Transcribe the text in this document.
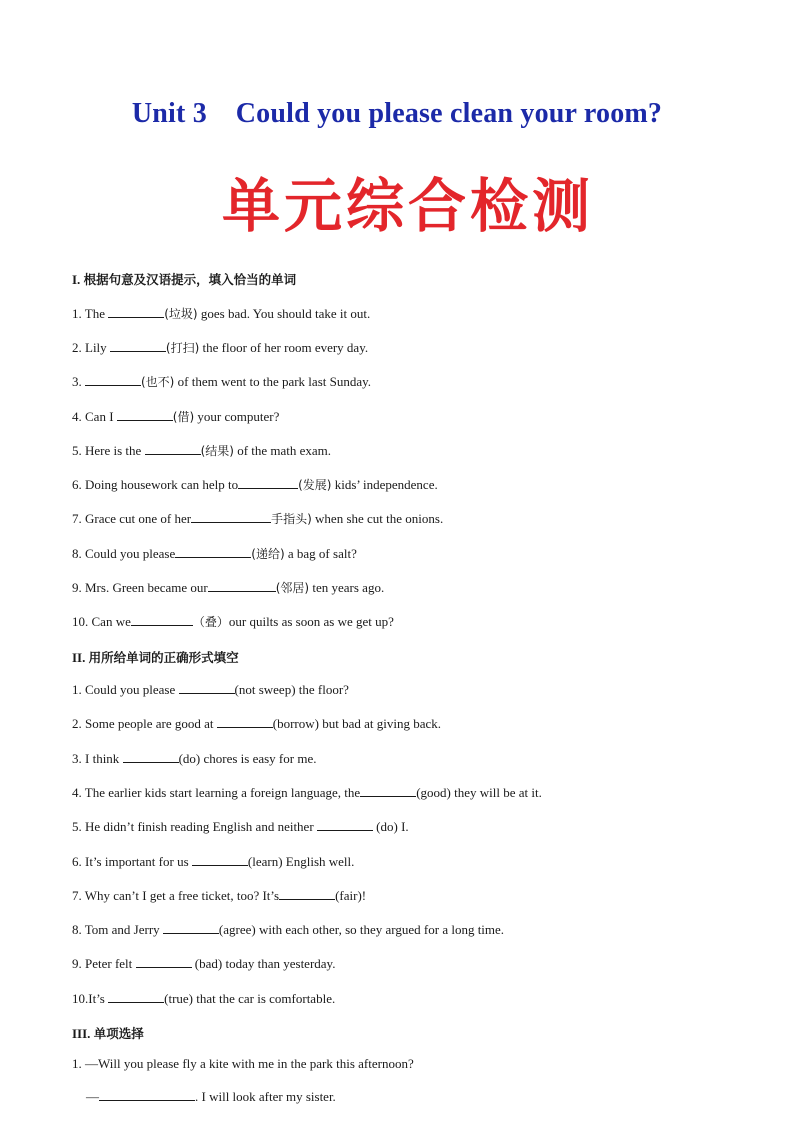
Unit 3    Could you please clean your room?
单元综合检测
I. 根据句意及汉语提示，填入恰当的单词
1. The	(垃圾) goes bad. You should take it out.
2. Lily	(打扫) the floor of her room every day.
3.	(也不) of them went to the park last Sunday.
4. Can I	(借) your computer?
5. Here is the	(结果) of the math exam.
6. Doing housework can help to	(发展) kids’ independence.
7. Grace cut one of her	手指头) when she cut the onions.
8. Could you please	(递给) a bag of salt?
9. Mrs. Green became our	(邻居) ten years ago.
10. Can we	（叠）our quilts as soon as we get up?
II. 用所给单词的正确形式填空
1. Could you please	(not sweep) the floor?
2. Some people are good at	(borrow) but bad at giving back.
3. I think	(do) chores is easy for me.
4. The earlier kids start learning a foreign language, the	(good) they will be at it.
5. He didn’t finish reading English and neither	(do) I.
6. It’s important for us	(learn) English well.
7. Why can’t I get a free ticket, too? It’s	(fair)!
8. Tom and Jerry	(agree) with each other, so they argued for a long time.
9. Peter felt	(bad) today than yesterday.
10.It’s	(true) that the car is comfortable.
III. 单项选择
1. —Will you please fly a kite with me in the park this afternoon?
—	. I will look after my sister.
